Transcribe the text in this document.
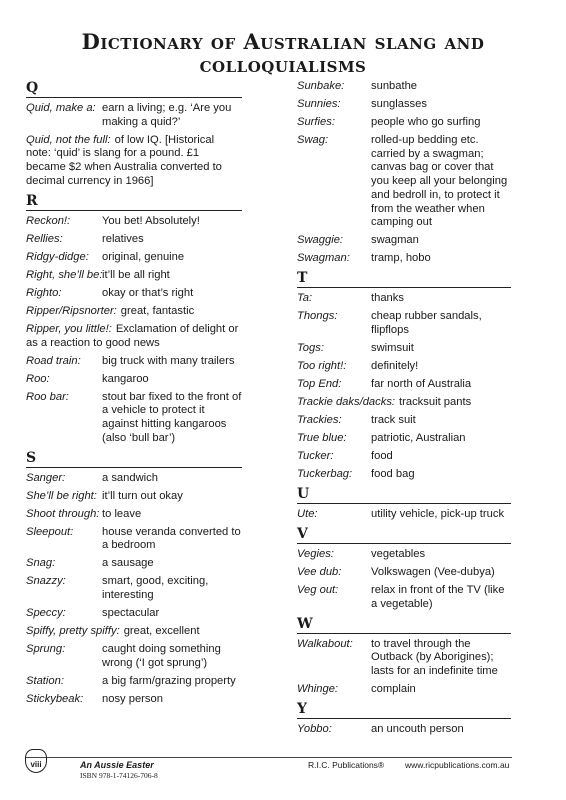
Dictionary of Australian slang and
colloquialisms
Q
Quid, make a: earn a living; e.g. ‘Are you making a quid?’
Quid, not the full: of low IQ. [Historical note: ‘quid’ is slang for a pound. £1 became $2 when Australia converted to decimal currency in 1966]
R
Reckon!:	You bet! Absolutely!
Rellies:	relatives
Ridgy-didge:	original, genuine
Right, she’ll be: it’ll be all right
Righto:	okay or that’s right
Ripper/Ripsnorter: great, fantastic
Ripper, you little!: Exclamation of delight or as a reaction to good news
Road train:	big truck with many trailers
Roo:	kangaroo
Roo bar:	stout bar fixed to the front of a vehicle to protect it against hitting kangaroos (also ‘bull bar’)
S
Sanger:	a sandwich
She’ll be right: it’ll turn out okay
Shoot through: to leave
Sleepout:	house veranda converted to a bedroom
Snag:	a sausage
Snazzy:	smart, good, exciting, interesting
Speccy:	spectacular
Spiffy, pretty spiffy: great, excellent
Sprung:	caught doing something wrong (‘I got sprung’)
Station:	a big farm/grazing property
Stickybeak:	nosy person
Sunbake:	sunbathe
Sunnies:	sunglasses
Surfies:	people who go surfing
Swag:	rolled-up bedding etc. carried by a swagman; canvas bag or cover that you keep all your belonging and bedroll in, to protect it from the weather when camping out
Swaggie:	swagman
Swagman:	tramp, hobo
T
Ta:	thanks
Thongs:	cheap rubber sandals, flipflops
Togs:	swimsuit
Too right!:	definitely!
Top End:	far north of Australia
Trackie daks/dacks: tracksuit pants
Trackies:	track suit
True blue:	patriotic, Australian
Tucker:	food
Tuckerbag:	food bag
U
Ute:	utility vehicle, pick-up truck
V
Vegies:	vegetables
Vee dub:	Volkswagen (Vee-dubya)
Veg out:	relax in front of the TV (like a vegetable)
W
Walkabout:	to travel through the Outback (by Aborigines); lasts for an indefinite time
Whinge:	complain
Y
Yobbo:	an uncouth person
viii	An Aussie Easter
ISBN 978-1-74126-706-8
R.I.C. Publications® www.ricpublications.com.au
